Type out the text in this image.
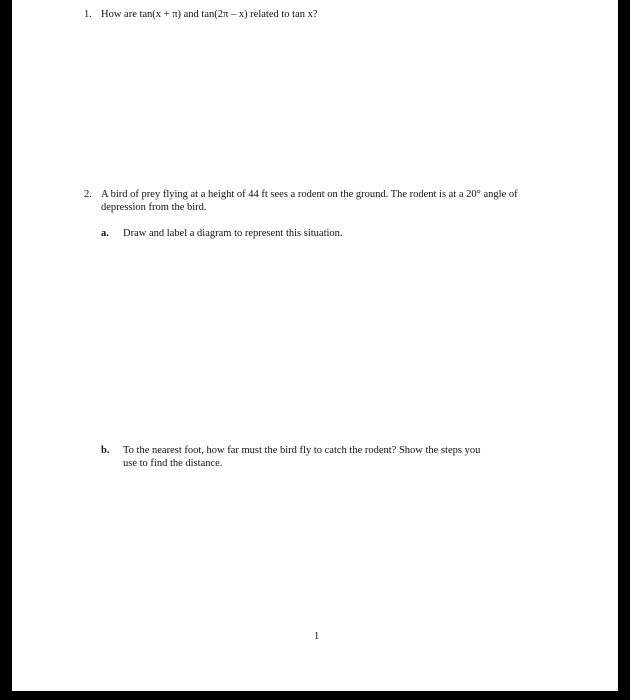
1. How are tan(x + π) and tan(2π – x) related to tan x?
2. A bird of prey flying at a height of 44 ft sees a rodent on the ground. The rodent is at a 20° angle of
depression from the bird.
a. Draw and label a diagram to represent this situation.
b. To the nearest foot, how far must the bird fly to catch the rodent? Show the steps you
use to find the distance.
1
